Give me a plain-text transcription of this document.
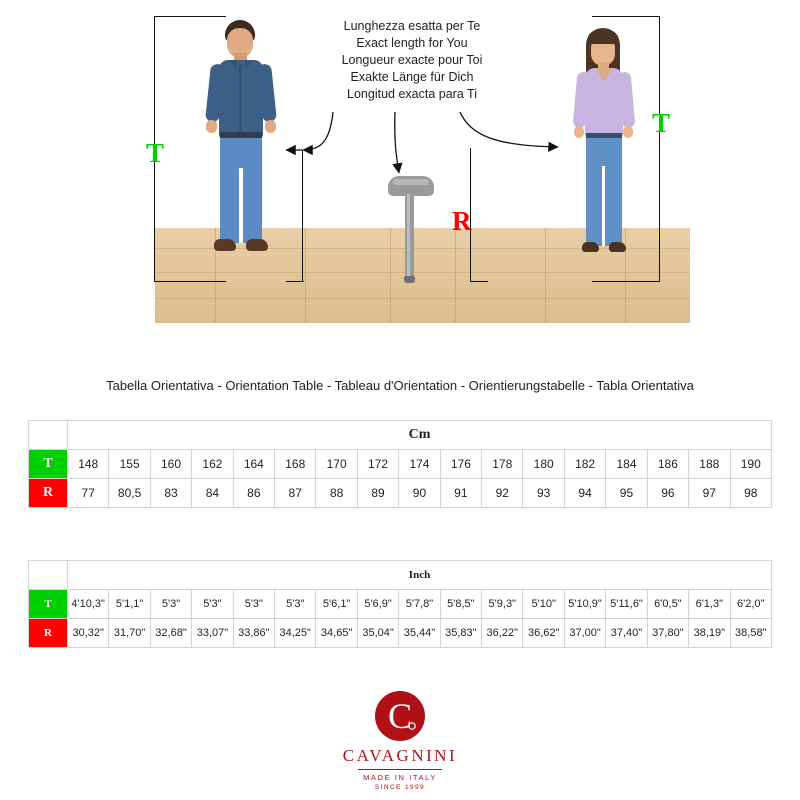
Lunghezza esatta per Te
Exact length for You
Longueur exacte pour Toi
Exakte Länge für Dich
Longitud exacta para Ti
T
T
R
Tabella Orientativa - Orientation Table - Tableau d'Orientation - Orientierungstabelle - Tabla Orientativa
	Cm																
T	148	155	160	162	164	168	170	172	174	176	178	180	182	184	186	188	190
R	77	80,5	83	84	86	87	88	89	90	91	92	93	94	95	96	97	98
	Inch																
T	4'10,3"	5'1,1"	5'3"	5'3"	5'3"	5'3"	5'6,1"	5'6,9"	5'7,8"	5'8,5"	5'9,3"	5'10"	5'10,9"	5'11,6"	6'0,5"	6'1,3"	6'2,0"
R	30,32"	31,70"	32,68"	33,07"	33,86"	34,25"	34,65"	35,04"	35,44"	35,83"	36,22"	36,62"	37,00"	37,40"	37,80"	38,19"	38,58"
C
CAVAGNINI
MADE IN ITALY
SINCE 1999
